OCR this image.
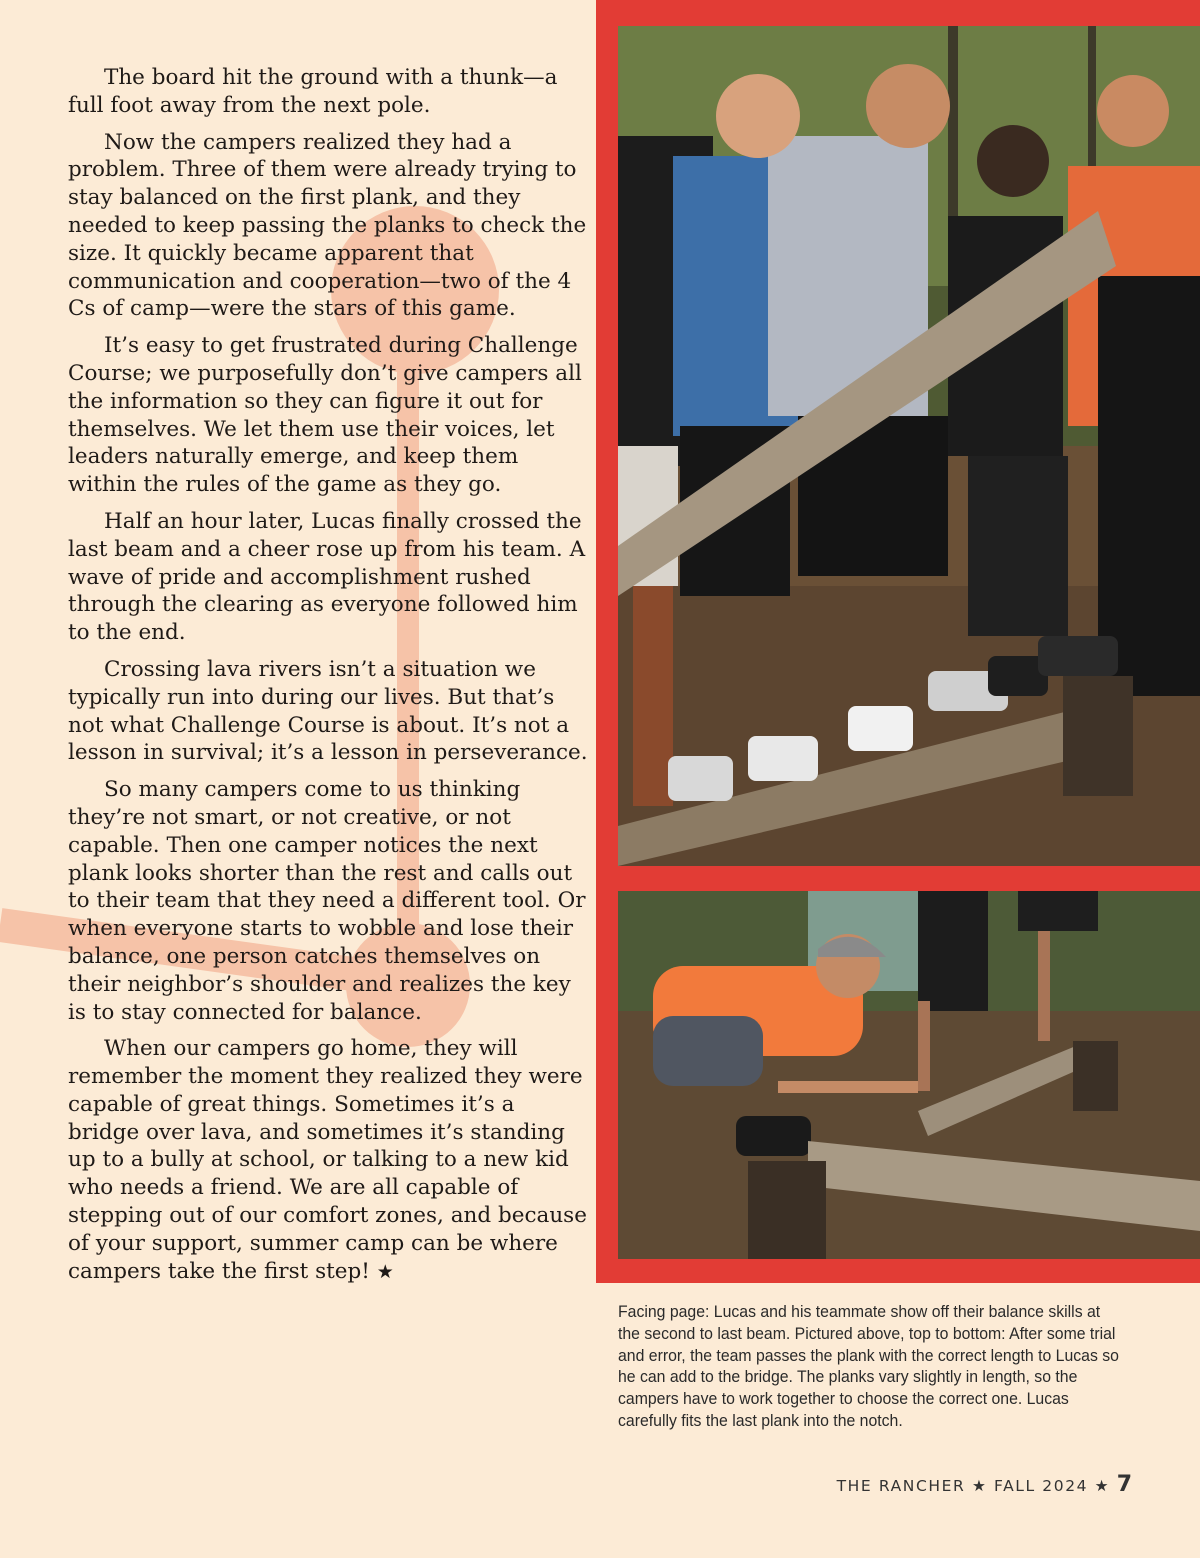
The board hit the ground with a thunk—a full foot away from the next pole.

Now the campers realized they had a problem. Three of them were already trying to stay balanced on the first plank, and they needed to keep passing the planks to check the size. It quickly became apparent that communication and cooperation—two of the 4 Cs of camp—were the stars of this game.

It’s easy to get frustrated during Challenge Course; we purposefully don’t give campers all the information so they can figure it out for themselves. We let them use their voices, let leaders naturally emerge, and keep them within the rules of the game as they go.

Half an hour later, Lucas finally crossed the last beam and a cheer rose up from his team. A wave of pride and accomplishment rushed through the clearing as everyone followed him to the end.

Crossing lava rivers isn’t a situation we typically run into during our lives. But that’s not what Challenge Course is about. It’s not a lesson in survival; it’s a lesson in perseverance.

So many campers come to us thinking they’re not smart, or not creative, or not capable. Then one camper notices the next plank looks shorter than the rest and calls out to their team that they need a different tool. Or when everyone starts to wobble and lose their balance, one person catches themselves on their neighbor’s shoulder and realizes the key is to stay connected for balance.

When our campers go home, they will remember the moment they realized they were capable of great things. Sometimes it’s a bridge over lava, and sometimes it’s standing up to a bully at school, or talking to a new kid who needs a friend. We are all capable of stepping out of our comfort zones, and because of your support, summer camp can be where campers take the first step! ★

Facing page: Lucas and his teammate show off their balance skills at the second to last beam. Pictured above, top to bottom: After some trial and error, the team passes the plank with the correct length to Lucas so he can add to the bridge. The planks vary slightly in length, so the campers have to work together to choose the correct one. Lucas carefully fits the last plank into the notch.
THE RANCHER ★ FALL 2024 ★ 7
